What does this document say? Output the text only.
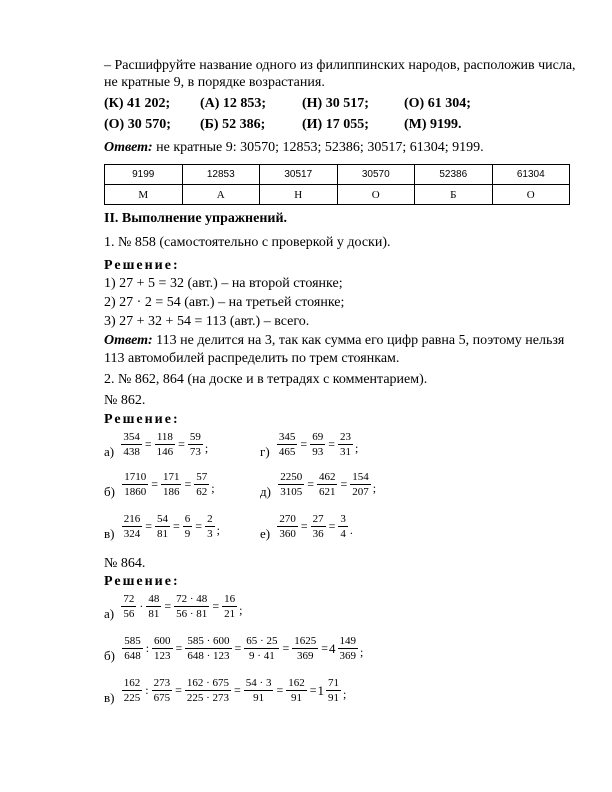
– Расшифруйте название одного из филиппинских народов, расположив числа,
не кратные 9, в порядке возрастания.
(К) 41 202; (А) 12 853;	(Н) 30 517;	(О) 61 304;
(О) 30 570; (Б) 52 386;	(И) 17 055;	(М) 9199.
Ответ: не кратные 9: 30570; 12853; 52386; 30517; 61304; 9199.
9199	12853	30517	30570	52386	61304
М	А	Н	О	Б	О
II. Выполнение упражнений.
1. № 858 (самостоятельно с проверкой у доски).
Решение:
1) 27 + 5 = 32 (авт.) – на второй стоянке;
2) 27 · 2 = 54 (авт.) – на третьей стоянке;
3) 27 + 32 + 54 = 113 (авт.) – всего.
Ответ: 113 не делится на 3, так как сумма его цифр равна 5, поэтому нельзя
113 автомобилей распределить по трем стоянкам.
2. № 862, 864 (на доске и в тетрадях с комментарием).
№ 862.
Решение:
$а) \frac{354}{438} = \frac{118}{146} = \frac{59}{73}$ ;	$г) \frac{345}{465} = \frac{69}{93} = \frac{23}{31}$ ;
$б) \frac{1710}{1860} = \frac{171}{186} = \frac{57}{62}$ ;	$д) \frac{2250}{3105} = \frac{462}{621} = \frac{154}{207}$ ;
$в) \frac{216}{324} = \frac{54}{81} = \frac{6}{9} = \frac{2}{3}$ ;	$е) \frac{270}{360} = \frac{27}{36} = \frac{3}{4}$ .
№ 864.
Решение:
$а) \frac{72}{56} \cdot \frac{48}{81} = \frac{72 \cdot 48}{56 \cdot 81} = \frac{16}{21}$ ;
$б) \frac{585}{648}$ : $\frac{600}{123} = \frac{585 \cdot 600}{648 \cdot 123} = \frac{65 \cdot 25}{9 \cdot 41} = \frac{1625}{369} =4 \frac{149}{369}$ ;
$в) \frac{162}{225}$ : $\frac{273}{675} = \frac{162 \cdot 675}{225 \cdot 273} = \frac{54 \cdot 3}{91} = \frac{162}{91} =1 \frac{71}{91}$ ;
